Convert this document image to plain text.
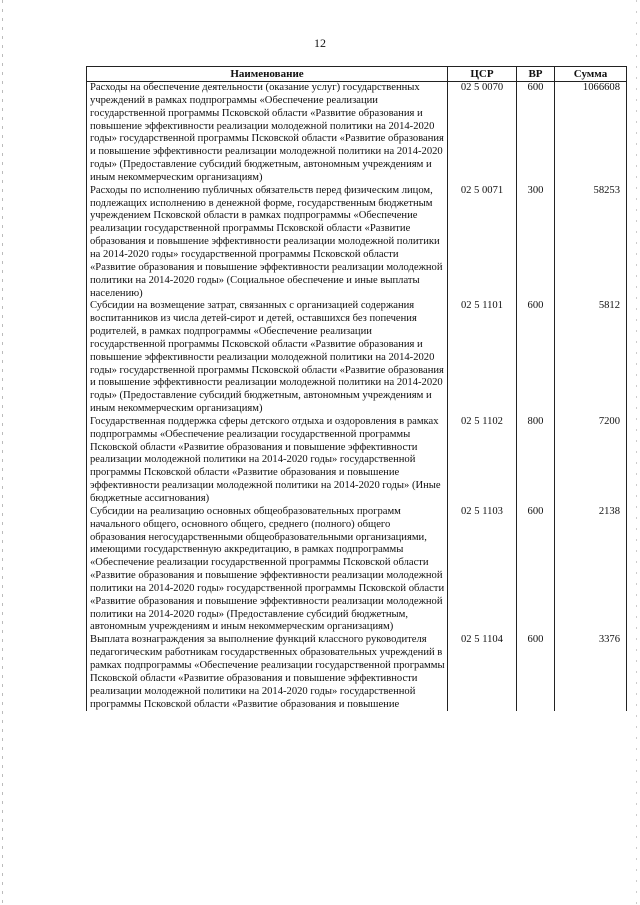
12
Наименование	ЦСР	ВР	Сумма
Расходы на обеспечение деятельности (оказание услуг) государственных учреждений в рамках подпрограммы «Обеспечение реализации государственной программы Псковской области «Развитие образования и повышение эффективности реализации молодежной политики на 2014-2020 годы» государственной программы Псковской области «Развитие образования и повышение эффективности реализации молодежной политики на 2014-2020 годы» (Предоставление субсидий бюджетным, автономным учреждениям и иным некоммерческим организациям)	02 5 0070	600	1066608
Расходы по исполнению публичных обязательств перед физическим лицом, подлежащих исполнению в денежной форме, государственным бюджетным учреждением Псковской области в рамках подпрограммы «Обеспечение реализации государственной программы Псковской области «Развитие образования и повышение эффективности реализации молодежной политики на 2014-2020 годы» государственной программы Псковской области «Развитие образования и повышение эффективности реализации молодежной политики на 2014-2020 годы» (Социальное обеспечение и иные выплаты населению)	02 5 0071	300	58253
Субсидии на возмещение затрат, связанных с организацией содержания воспитанников из числа детей-сирот и детей, оставшихся без попечения родителей, в рамках подпрограммы «Обеспечение реализации государственной программы Псковской области «Развитие образования и повышение эффективности реализации молодежной политики на 2014-2020 годы» государственной программы Псковской области «Развитие образования и повышение эффективности реализации молодежной политики на 2014-2020 годы» (Предоставление субсидий бюджетным, автономным учреждениям и иным некоммерческим организациям)	02 5 1101	600	5812
Государственная поддержка сферы детского отдыха и оздоровления в рамках подпрограммы «Обеспечение реализации государственной программы Псковской области «Развитие образования и повышение эффективности реализации молодежной политики на 2014-2020 годы» государственной программы Псковской области «Развитие образования и повышение эффективности реализации молодежной политики на 2014-2020 годы» (Иные бюджетные ассигнования)	02 5 1102	800	7200
Субсидии на реализацию основных общеобразовательных программ начального общего, основного общего, среднего (полного) общего образования негосударственными общеобразовательными организациями, имеющими государственную аккредитацию, в рамках подпрограммы «Обеспечение реализации государственной программы Псковской области «Развитие образования и повышение эффективности реализации молодежной политики на 2014-2020 годы» государственной программы Псковской области «Развитие образования и повышение эффективности реализации молодежной политики на 2014-2020 годы» (Предоставление субсидий бюджетным, автономным учреждениям и иным некоммерческим организациям)	02 5 1103	600	2138
Выплата вознаграждения за выполнение функций классного руководителя педагогическим работникам государственных образовательных учреждений в рамках подпрограммы «Обеспечение реализации государственной программы Псковской области «Развитие образования и повышение эффективности реализации молодежной политики на 2014-2020 годы» государственной программы Псковской области «Развитие образования и повышение	02 5 1104	600	3376
